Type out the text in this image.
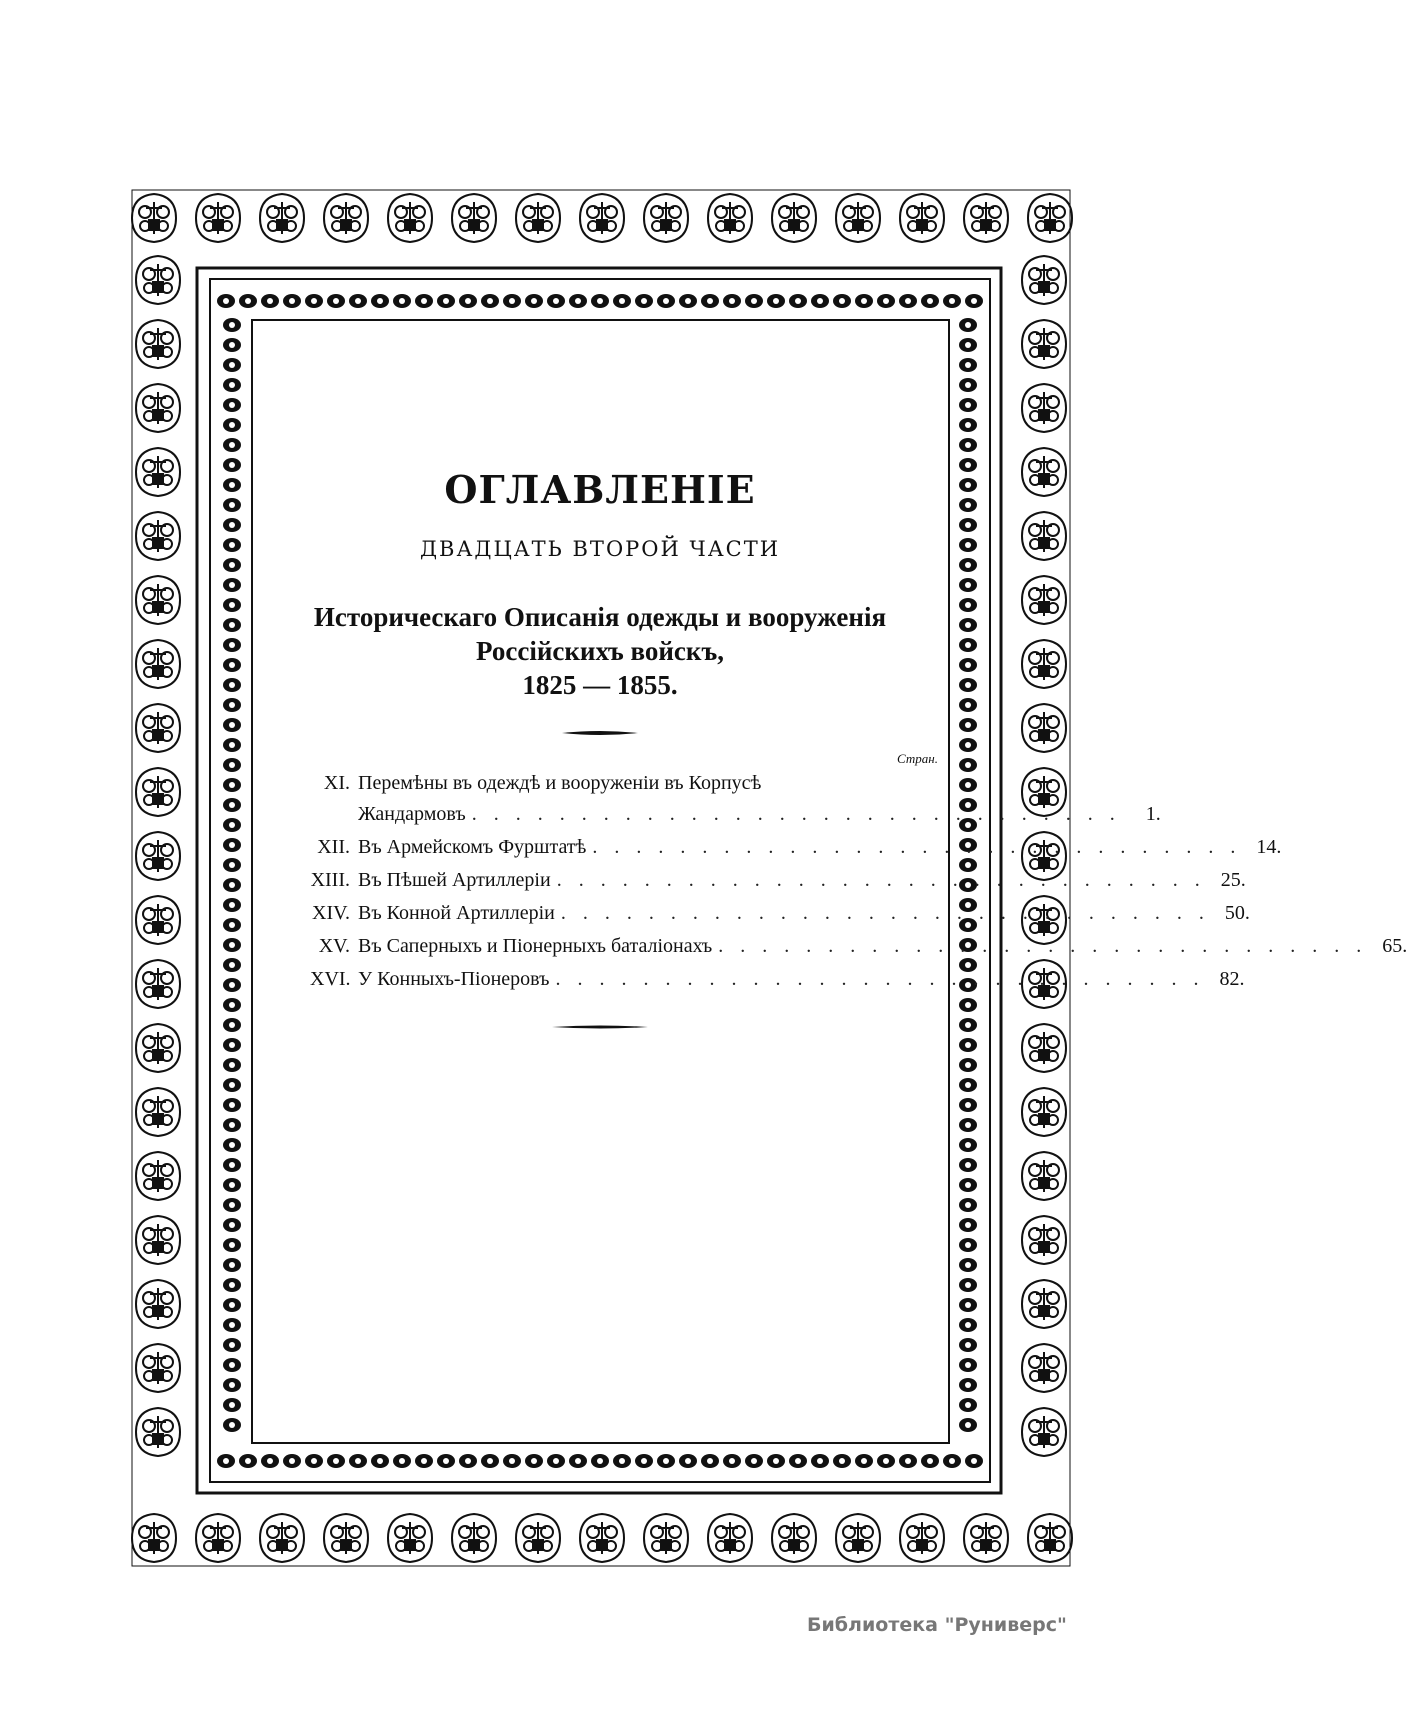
ОГЛАВЛЕНІЕ
ДВАДЦАТЬ ВТОРОЙ ЧАСТИ
Историческаго Описанія одежды и вооруженія
Россійскихъ войскъ,
1825 — 1855.
Стран.
XI. Перемѣны въ одеждѣ и вооруженіи въ Корпусѣ
Жандармовъ . . . . . . . . . . . . . . . . . . . . . . . . . . . . . .	1.
XII. Въ Армейскомъ Фурштатѣ . . . . . . . . . . . . . . . . . . . . . . . . . . . . . . 14.
XIII. Въ Пѣшей Артиллеріи . . . . . . . . . . . . . . . . . . . . . . . . . . . . . . 25.
XIV. Въ Конной Артиллеріи . . . . . . . . . . . . . . . . . . . . . . . . . . . . . . 50.
XV. Въ Саперныхъ и Піонерныхъ баталіонахъ . . . . . . . . . . . . . . . . . . . . . . . . . . . . . . 65.
XVI. У Конныхъ-Піонеровъ . . . . . . . . . . . . . . . . . . . . . . . . . . . . . . 82.
Библиотека "Руниверс"
